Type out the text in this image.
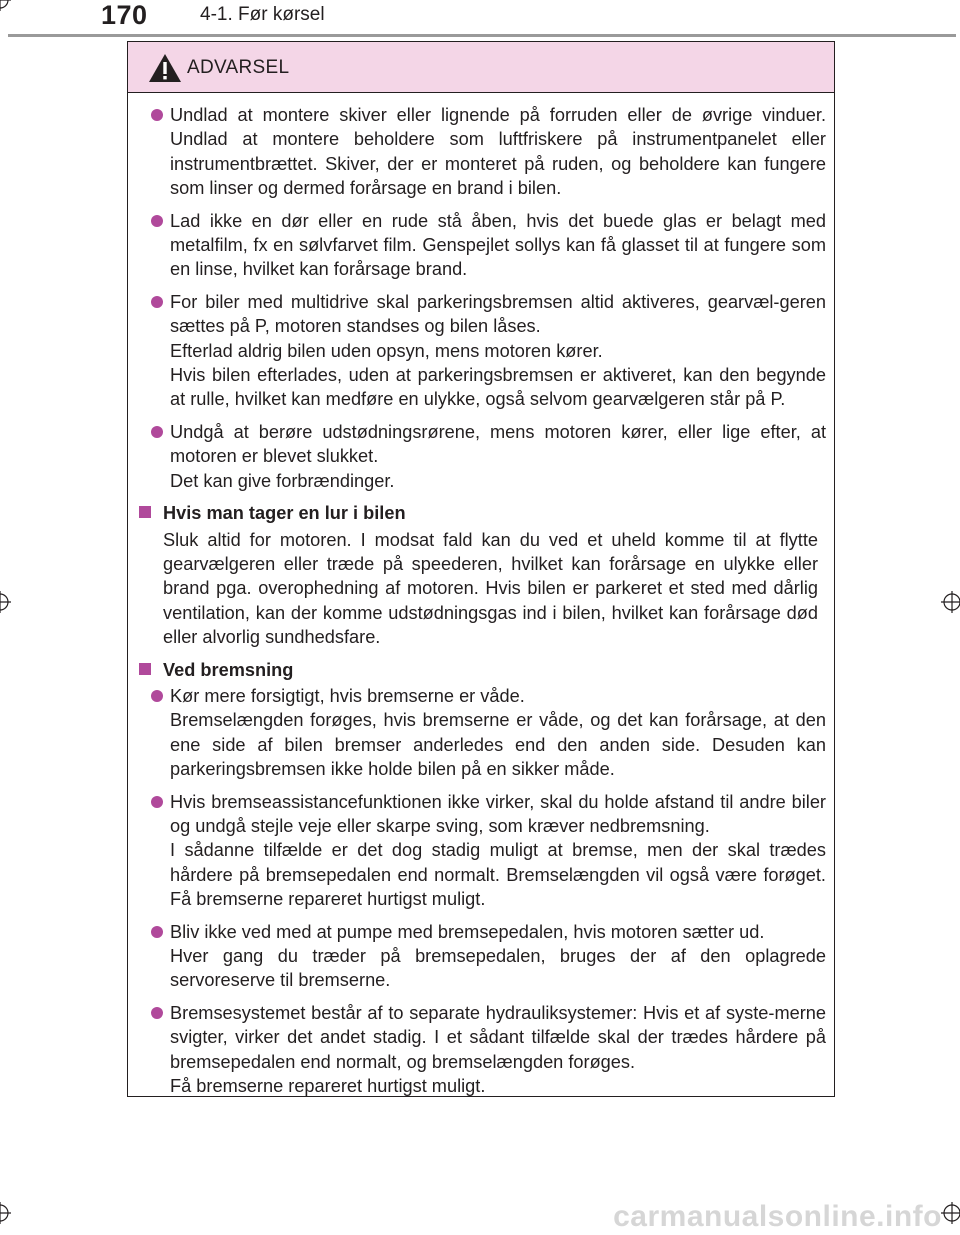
170	4-1. Før kørsel
ADVARSEL

Undlad at montere skiver eller lignende på forruden eller de øvrige vinduer. Undlad at montere beholdere som luftfriskere på instrumentpanelet eller instrumentbrættet. Skiver, der er monteret på ruden, og beholdere kan fungere som linser og dermed forårsage en brand i bilen.

Lad ikke en dør eller en rude stå åben, hvis det buede glas er belagt med metalfilm, fx en sølvfarvet film. Genspejlet sollys kan få glasset til at fungere som en linse, hvilket kan forårsage brand.

For biler med multidrive skal parkeringsbremsen altid aktiveres, gearvæl-geren sættes på P, motoren standses og bilen låses.

Efterlad aldrig bilen uden opsyn, mens motoren kører.

Hvis bilen efterlades, uden at parkeringsbremsen er aktiveret, kan den begynde at rulle, hvilket kan medføre en ulykke, også selvom gearvælgeren står på P.

Undgå at berøre udstødningsrørene, mens motoren kører, eller lige efter, at motoren er blevet slukket.

Det kan give forbrændinger.

Hvis man tager en lur i bilen
Sluk altid for motoren. I modsat fald kan du ved et uheld komme til at flytte gearvælgeren eller træde på speederen, hvilket kan forårsage en ulykke eller brand pga. overophedning af motoren. Hvis bilen er parkeret et sted med dårlig ventilation, kan der komme udstødningsgas ind i bilen, hvilket kan forårsage død eller alvorlig sundhedsfare.
Ved bremsning

Kør mere forsigtigt, hvis bremserne er våde.

Bremselængden forøges, hvis bremserne er våde, og det kan forårsage, at den ene side af bilen bremser anderledes end den anden side. Desuden kan parkeringsbremsen ikke holde bilen på en sikker måde.

Hvis bremseassistancefunktionen ikke virker, skal du holde afstand til andre biler og undgå stejle veje eller skarpe sving, som kræver nedbremsning.

I sådanne tilfælde er det dog stadig muligt at bremse, men der skal trædes hårdere på bremsepedalen end normalt. Bremselængden vil også være forøget. Få bremserne repareret hurtigst muligt.

Bliv ikke ved med at pumpe med bremsepedalen, hvis motoren sætter ud.

Hver gang du træder på bremsepedalen, bruges der af den oplagrede servoreserve til bremserne.

Bremsesystemet består af to separate hydrauliksystemer: Hvis et af syste-merne svigter, virker det andet stadig. I et sådant tilfælde skal der trædes hårdere på bremsepedalen end normalt, og bremselængden forøges.

Få bremserne repareret hurtigst muligt.

carmanualsonline.info
